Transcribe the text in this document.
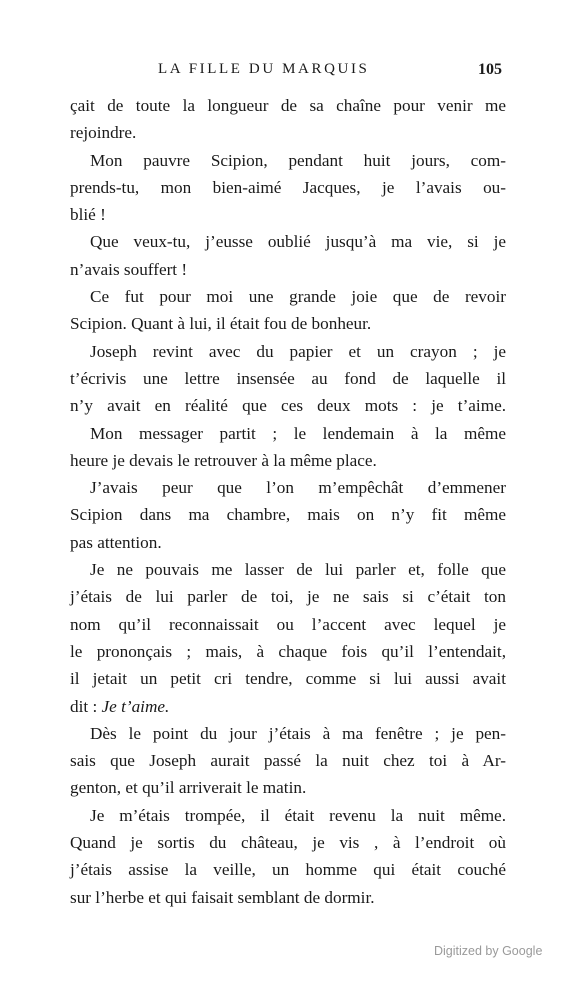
LA FILLE DU MARQUIS	105
çait de toute la longueur de sa chaîne pour venir me
rejoindre.
Mon pauvre Scipion, pendant huit jours, com-
prends-tu, mon bien-aimé Jacques, je l’avais ou-
blié !
Que veux-tu, j’eusse oublié jusqu’à ma vie, si je
n’avais souffert !
Ce fut pour moi une grande joie que de revoir
Scipion. Quant à lui, il était fou de bonheur.
Joseph revint avec du papier et un crayon ; je
t’écrivis une lettre insensée au fond de laquelle il
n’y avait en réalité que ces deux mots : je t’aime.
Mon messager partit ; le lendemain à la même
heure je devais le retrouver à la même place.
J’avais peur que l’on m’empêchât d’emmener
Scipion dans ma chambre, mais on n’y fit même
pas attention.
Je ne pouvais me lasser de lui parler et, folle que
j’étais de lui parler de toi, je ne sais si c’était ton
nom qu’il reconnaissait ou l’accent avec lequel je
le prononçais ; mais, à chaque fois qu’il l’entendait,
il jetait un petit cri tendre, comme si lui aussi avait
dit : Je t’aime.
Dès le point du jour j’étais à ma fenêtre ; je pen-
sais que Joseph aurait passé la nuit chez toi à Ar-
genton, et qu’il arriverait le matin.
Je m’étais trompée, il était revenu la nuit même.
Quand je sortis du château, je vis , à l’endroit où
j’étais assise la veille, un homme qui était couché
sur l’herbe et qui faisait semblant de dormir.
Digitized by Google
